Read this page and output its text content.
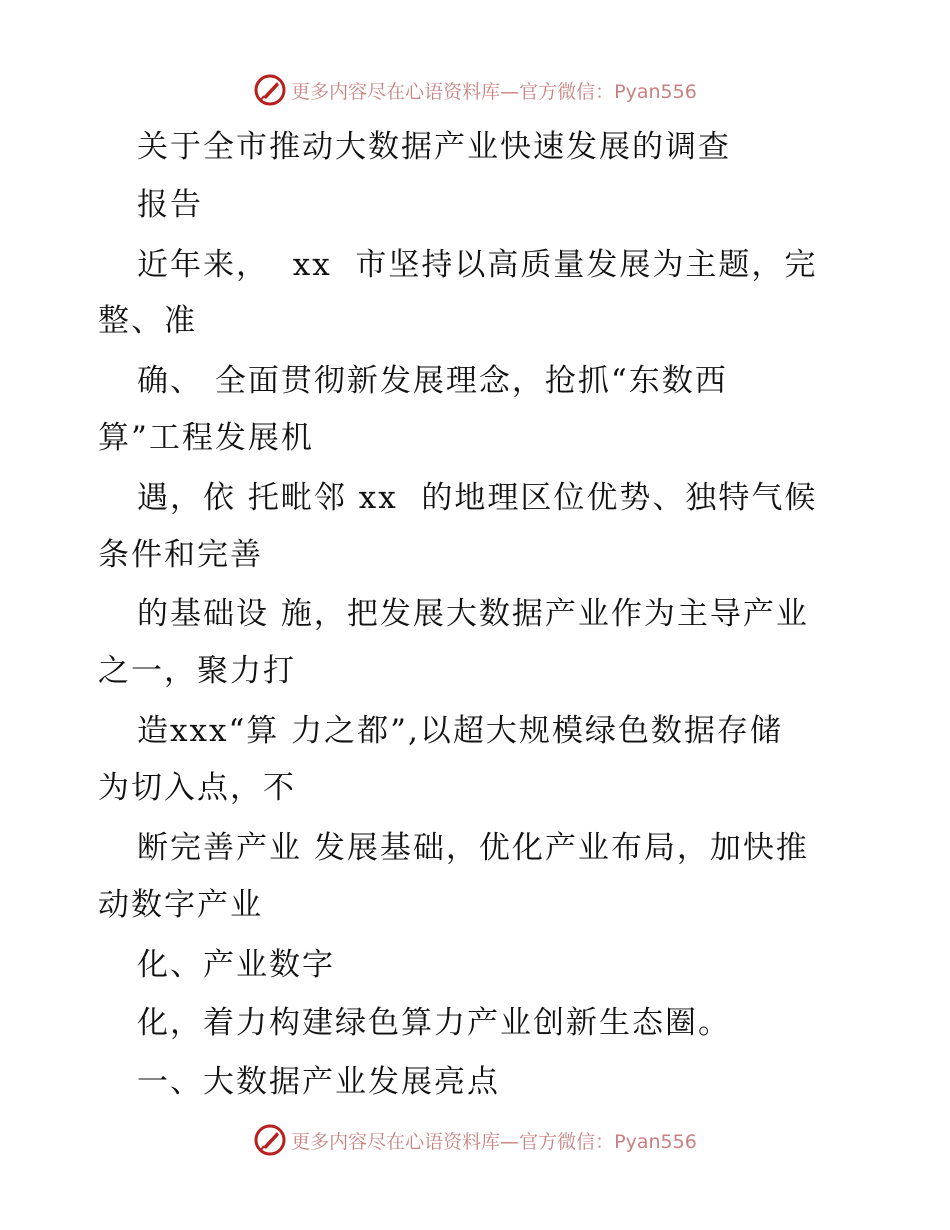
更多内容尽在心语资料库—官方微信：Pyan556
关于全市推动大数据产业快速发展的调查
报告
近年来，  xx  市坚持以高质量发展为主题，完
整、准
确、 全面贯彻新发展理念，抢抓“东数西
算”工程发展机
遇，依 托毗邻 xx  的地理区位优势、独特气候
条件和完善
的基础设 施，把发展大数据产业作为主导产业
之一，聚力打
造xxx“算 力之都”,以超大规模绿色数据存储
为切入点，不
断完善产业 发展基础，优化产业布局，加快推
动数字产业
化、产业数字
化，着力构建绿色算力产业创新生态圈。
一、大数据产业发展亮点
更多内容尽在心语资料库—官方微信：Pyan556
